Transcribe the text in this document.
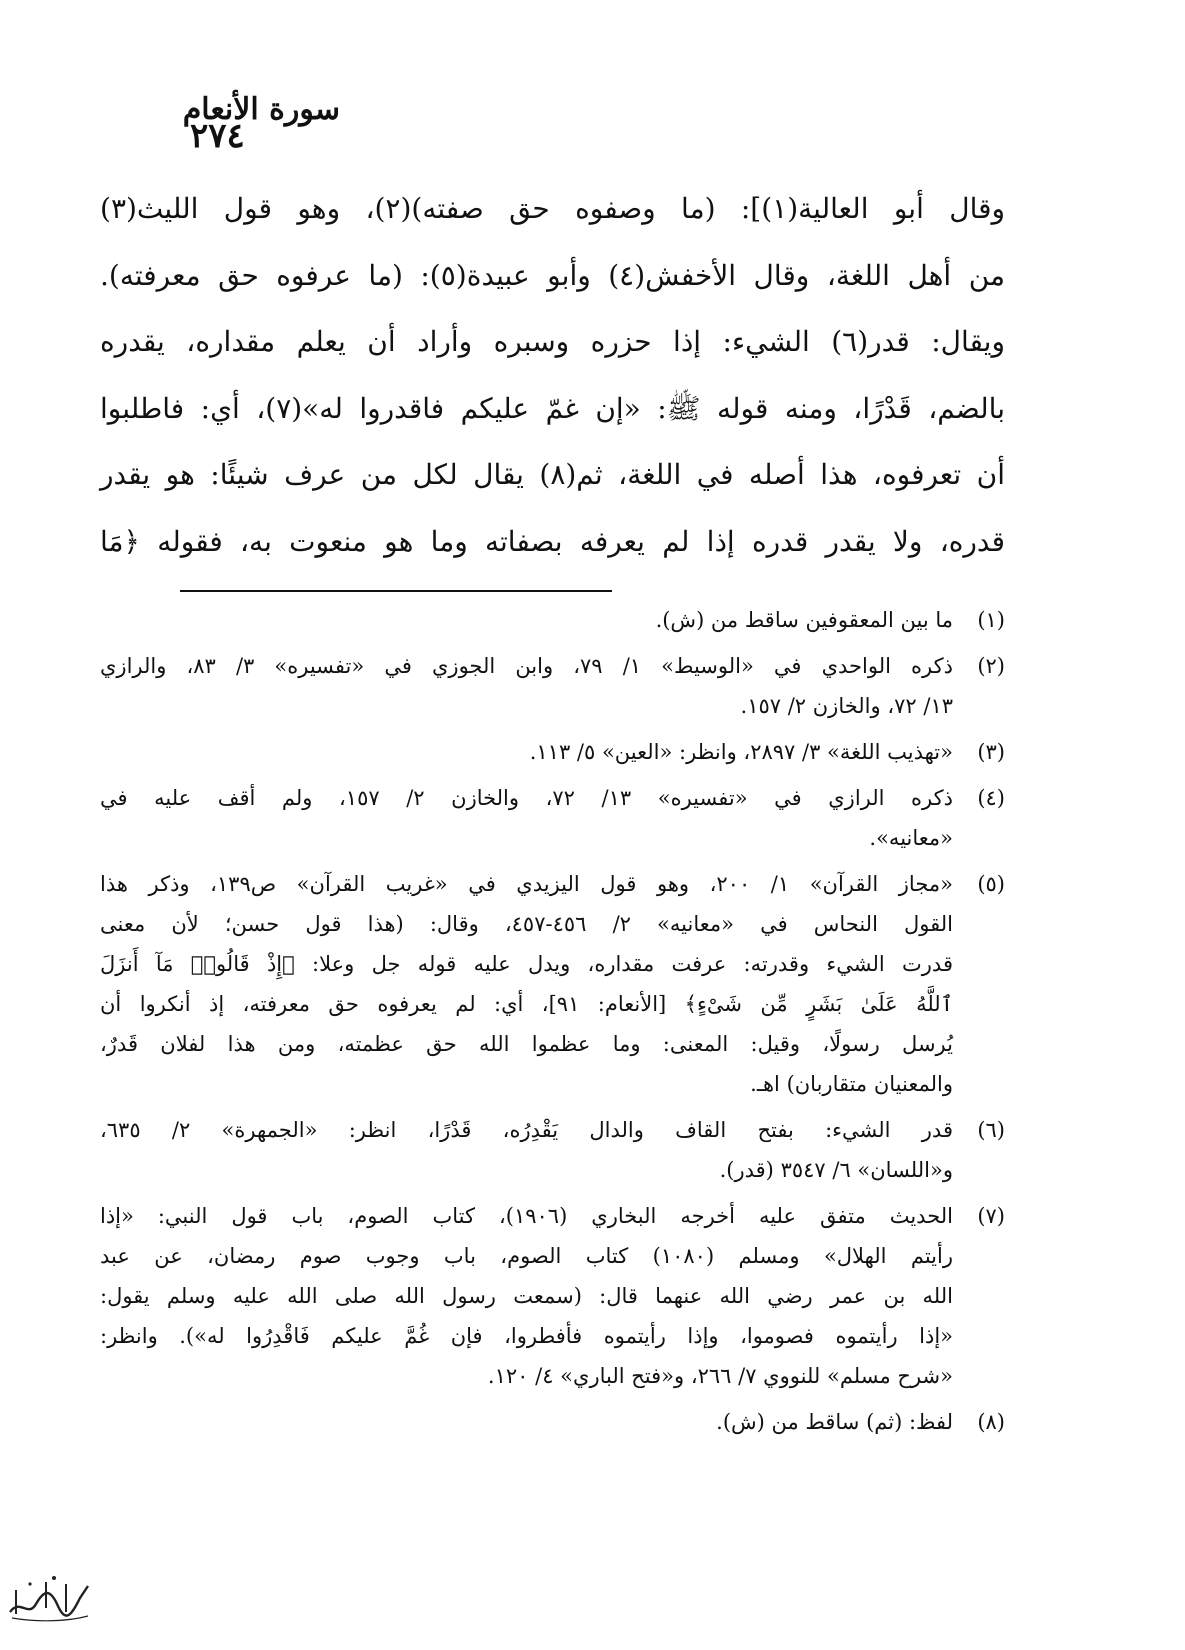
سورة الأنعام
٢٧٤

وقال أبو العالية(١)]: (ما وصفوه حق صفته)(٢)، وهو قول الليث(٣)

من أهل اللغة، وقال الأخفش(٤) وأبو عبيدة(٥): (ما عرفوه حق معرفته).

ويقال: قدر(٦) الشيء: إذا حزره وسبره وأراد أن يعلم مقداره، يقدره

بالضم، قَدْرًا، ومنه قوله ﷺ: «إن غمّ عليكم فاقدروا له»(٧)، أي: فاطلبوا

أن تعرفوه، هذا أصله في اللغة، ثم(٨) يقال لكل من عرف شيئًا: هو يقدر

قدره، ولا يقدر قدره إذا لم يعرفه بصفاته وما هو منعوت به، فقوله ﴿مَا

(١)
ما بين المعقوفين ساقط من (ش).
(٢)
ذكره الواحدي في «الوسيط» ١/ ٧٩، وابن الجوزي في «تفسيره» ٣/ ٨٣، والرازي
١٣/ ٧٢، والخازن ٢/ ١٥٧.
(٣)
«تهذيب اللغة» ٣/ ٢٨٩٧، وانظر: «العين» ٥/ ١١٣.
(٤)
ذكره الرازي في «تفسيره» ١٣/ ٧٢، والخازن ٢/ ١٥٧، ولم أقف عليه في
«معانيه».
(٥)
«مجاز القرآن» ١/ ٢٠٠، وهو قول اليزيدي في «غريب القرآن» ص١٣٩، وذكر هذا
القول النحاس في «معانيه» ٢/ ٤٥٦-٤٥٧، وقال: (هذا قول حسن؛ لأن معنى
قدرت الشيء وقدرته: عرفت مقداره، ويدل عليه قوله جل وعلا: ﴿إِذْ قَالُوا۟ مَآ أَنزَلَ
ٱللَّهُ عَلَىٰ بَشَرٍ مِّن شَىْءٍ﴾ [الأنعام: ٩١]، أي: لم يعرفوه حق معرفته، إذ أنكروا أن
يُرسل رسولًا، وقيل: المعنى: وما عظموا الله حق عظمته، ومن هذا لفلان قَدرٌ،
والمعنيان متقاربان) اهـ.
(٦)
قدر الشيء: بفتح القاف والدال يَقْدِرُه، قَدْرًا، انظر: «الجمهرة» ٢/ ٦٣٥،
و«اللسان» ٦/ ٣٥٤٧ (قدر).
(٧)
الحديث متفق عليه أخرجه البخاري (١٩٠٦)، كتاب الصوم، باب قول النبي: «إذا
رأيتم الهلال» ومسلم (١٠٨٠) كتاب الصوم، باب وجوب صوم رمضان، عن عبد
الله بن عمر رضي الله عنهما قال: (سمعت رسول الله صلى الله عليه وسلم يقول:
«إذا رأيتموه فصوموا، وإذا رأيتموه فأفطروا، فإن غُمَّ عليكم فَاقْدِرُوا له»). وانظر:
«شرح مسلم» للنووي ٧/ ٢٦٦، و«فتح الباري» ٤/ ١٢٠.
(٨)
لفظ: (ثم) ساقط من (ش).
